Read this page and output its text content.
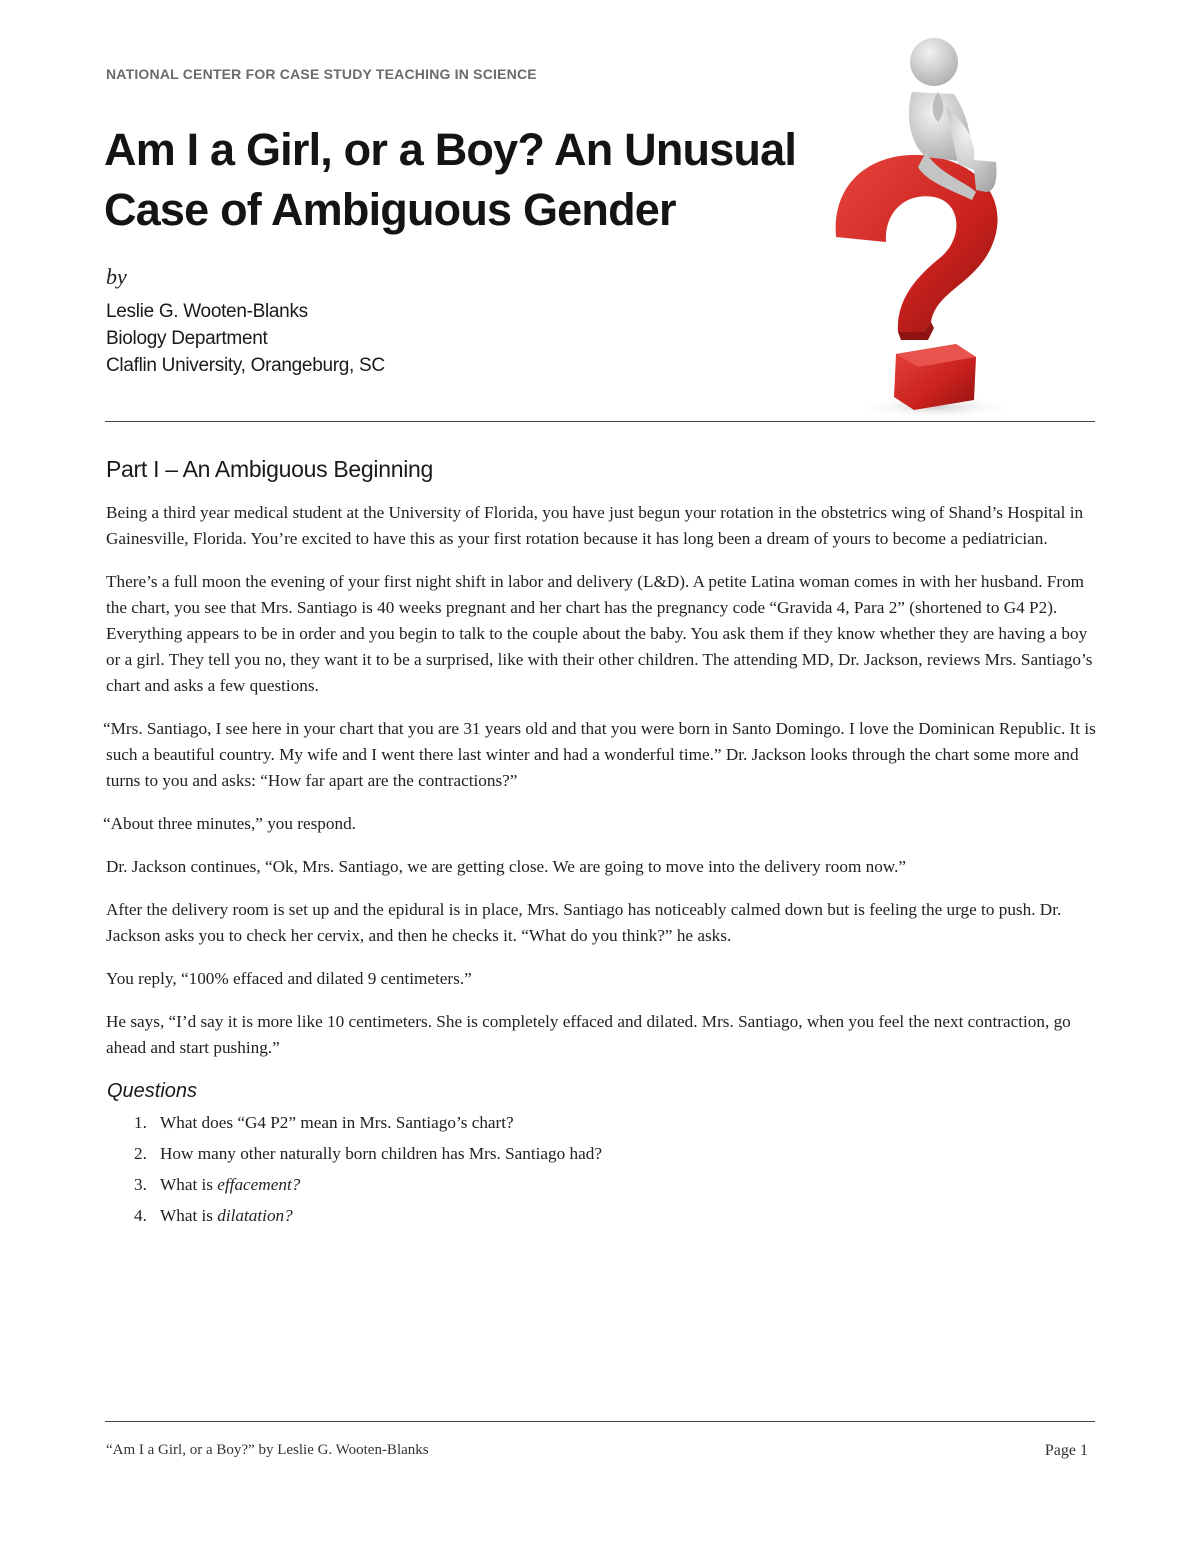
NATIONAL CENTER FOR CASE STUDY TEACHING IN SCIENCE
Am I a Girl, or a Boy? An Unusual
Case of Ambiguous Gender
by
Leslie G. Wooten-Blanks
Biology Department
Claflin University, Orangeburg, SC
Part I – An Ambiguous Beginning

Being a third year medical student at the University of Florida, you have just begun your rotation in the obstetrics wing of Shand’s Hospital in Gainesville, Florida. You’re excited to have this as your first rotation because it has long been a dream of yours to become a pediatrician.

There’s a full moon the evening of your first night shift in labor and delivery (L&D). A petite Latina woman comes in with her husband. From the chart, you see that Mrs. Santiago is 40 weeks pregnant and her chart has the pregnancy code “Gravida 4, Para 2” (shortened to G4 P2). Everything appears to be in order and you begin to talk to the couple about the baby. You ask them if they know whether they are having a boy or a girl. They tell you no, they want it to be a surprised, like with their other children. The attending MD, Dr. Jackson, reviews Mrs. Santiago’s chart and asks a few questions.

“Mrs. Santiago, I see here in your chart that you are 31 years old and that you were born in Santo Domingo. I love the Dominican Republic. It is such a beautiful country. My wife and I went there last winter and had a wonderful time.” Dr. Jackson looks through the chart some more and turns to you and asks: “How far apart are the contractions?”

“About three minutes,” you respond.

Dr. Jackson continues, “Ok, Mrs. Santiago, we are getting close. We are going to move into the delivery room now.”

After the delivery room is set up and the epidural is in place, Mrs. Santiago has noticeably calmed down but is feeling the urge to push. Dr. Jackson asks you to check her cervix, and then he checks it. “What do you think?” he asks.

You reply, “100% effaced and dilated 9 centimeters.”

He says, “I’d say it is more like 10 centimeters. She is completely effaced and dilated. Mrs. Santiago, when you feel the next contraction, go ahead and start pushing.”

Questions
1. What does “G4 P2” mean in Mrs. Santiago’s chart?
2. How many other naturally born children has Mrs. Santiago had?
3. What is effacement?
4. What is dilatation?
“Am I a Girl, or a Boy?” by Leslie G. Wooten-Blanks	Page 1
